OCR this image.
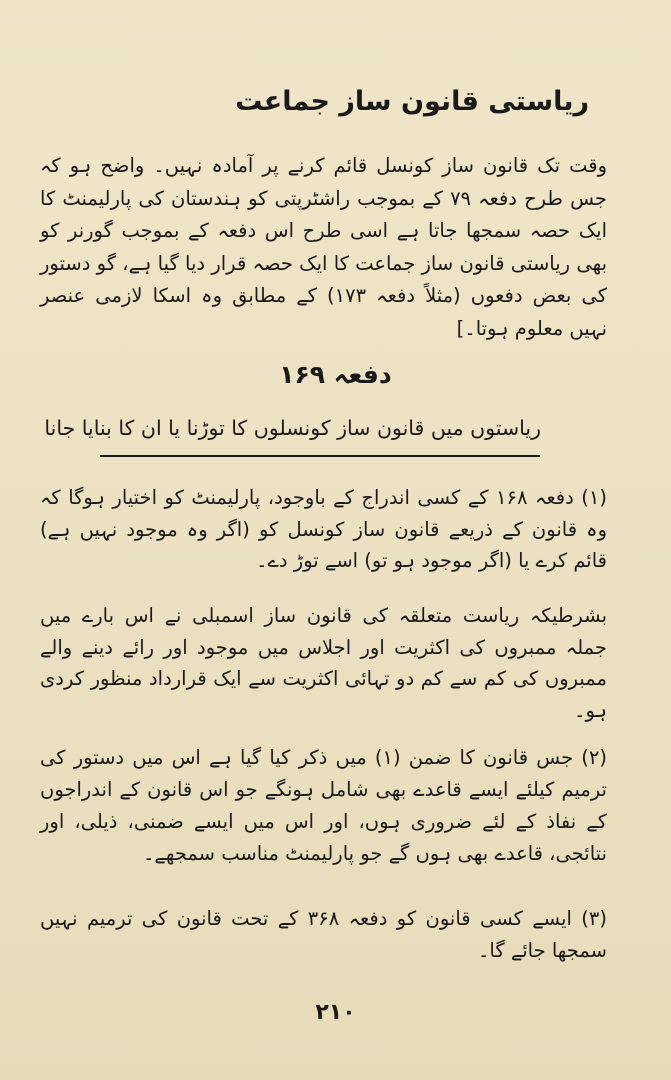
ریاستی قانون ساز جماعت

وقت تک قانون ساز کونسل قائم کرنے پر آمادہ نہیں۔ واضح ہو کہ جس طرح دفعہ ۷۹ کے بموجب راشٹرپتی کو ہندستان کی پارلیمنٹ کا ایک حصہ سمجھا جاتا ہے اسی طرح اس دفعہ کے بموجب گورنر کو بھی ریاستی قانون ساز جماعت کا ایک حصہ قرار دیا گیا ہے، گو دستور کی بعض دفعوں (مثلاً دفعہ ۱۷۳) کے مطابق وہ اسکا لازمی عنصر نہیں معلوم ہوتا۔]

دفعہ ۱۶۹
ریاستوں میں قانون ساز کونسلوں کا توڑنا یا ان کا بنایا جانا

(۱) دفعہ ۱۶۸ کے کسی اندراج کے باوجود، پارلیمنٹ کو اختیار ہوگا کہ وہ قانون کے ذریعے قانون ساز کونسل کو (اگر وہ موجود نہیں ہے) قائم کرے یا (اگر موجود ہو تو) اسے توڑ دے۔

بشرطیکہ ریاست متعلقہ کی قانون ساز اسمبلی نے اس بارے میں جملہ ممبروں کی اکثریت اور اجلاس میں موجود اور رائے دینے والے ممبروں کی کم سے کم دو تہائی اکثریت سے ایک قرارداد منظور کردی ہو۔

(۲) جس قانون کا ضمن (۱) میں ذکر کیا گیا ہے اس میں دستور کی ترمیم کیلئے ایسے قاعدے بھی شامل ہونگے جو اس قانون کے اندراجوں کے نفاذ کے لئے ضروری ہوں، اور اس میں ایسے ضمنی، ذیلی، اور نتائجی، قاعدے بھی ہوں گے جو پارلیمنٹ مناسب سمجھے۔

(۳) ایسے کسی قانون کو دفعہ ۳۶۸ کے تحت قانون کی ترمیم نہیں سمجھا جائے گا۔

۲۱۰
